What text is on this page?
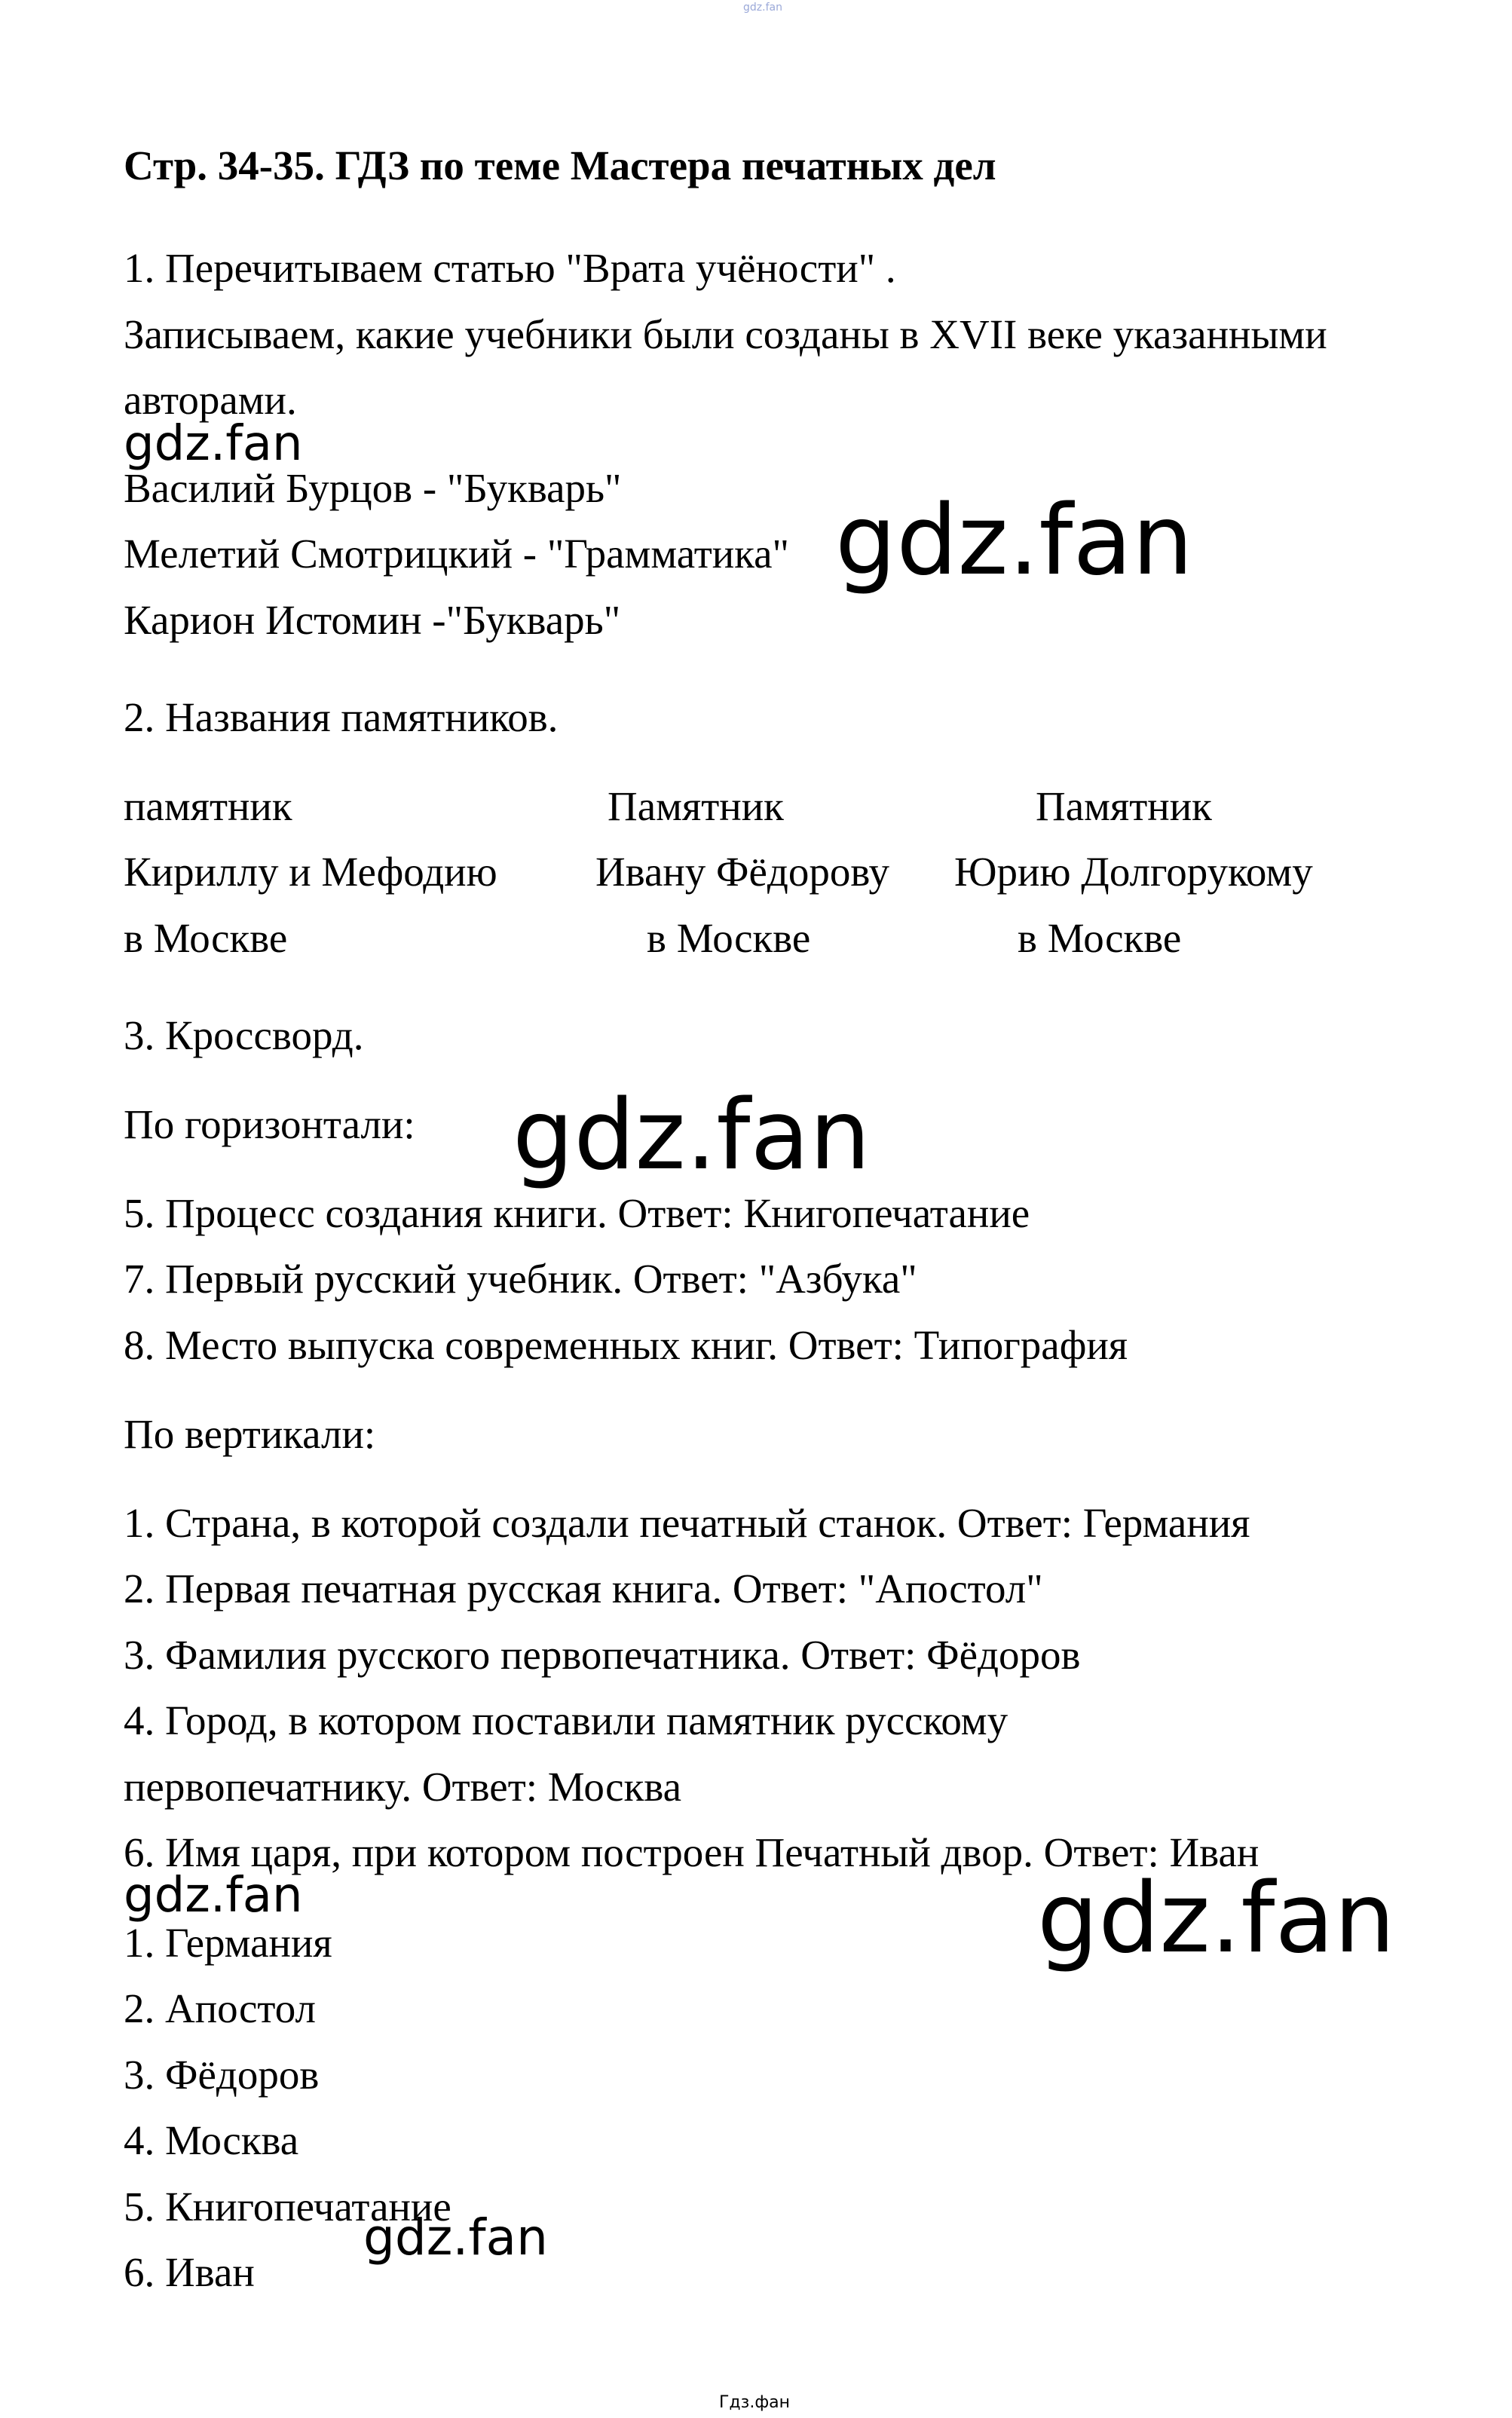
gdz.fan
Стр. 34-35. ГДЗ по теме Мастера печатных дел
1. Перечитываем статью "Врата учёности" .
Записываем, какие учебники были созданы в XVII веке указанными
авторами.
gdz.fan
Василий Бурцов - "Букварь"
Мелетий Смотрицкий - "Грамматика" gdz.fan
Карион Истомин -"Букварь"
2. Названия памятников.
памятник
Кириллу и Мефодию
в Москве
Памятник
Ивану Фёдорову
в Москве
Памятник
Юрию Долгорукому
в Москве
3. Кроссворд.
По горизонтали: gdz.fan
5. Процесс создания книги. Ответ: Книгопечатание
7. Первый русский учебник. Ответ: "Азбука"
8. Место выпуска современных книг. Ответ: Типография
По вертикали:
1. Страна, в которой создали печатный станок. Ответ: Германия
2. Первая печатная русская книга. Ответ: "Апостол"
3. Фамилия русского первопечатника. Ответ: Фёдоров
4. Город, в котором поставили памятник русскому
первопечатнику. Ответ: Москва
6. Имя царя, при котором построен Печатный двор. Ответ: Иван
gdz.fan	gdz.fan
1. Германия
2. Апостол
3. Фёдоров
4. Москва
5. Книгопечатание
6. Иван
gdz.fan
Гдз.фан
